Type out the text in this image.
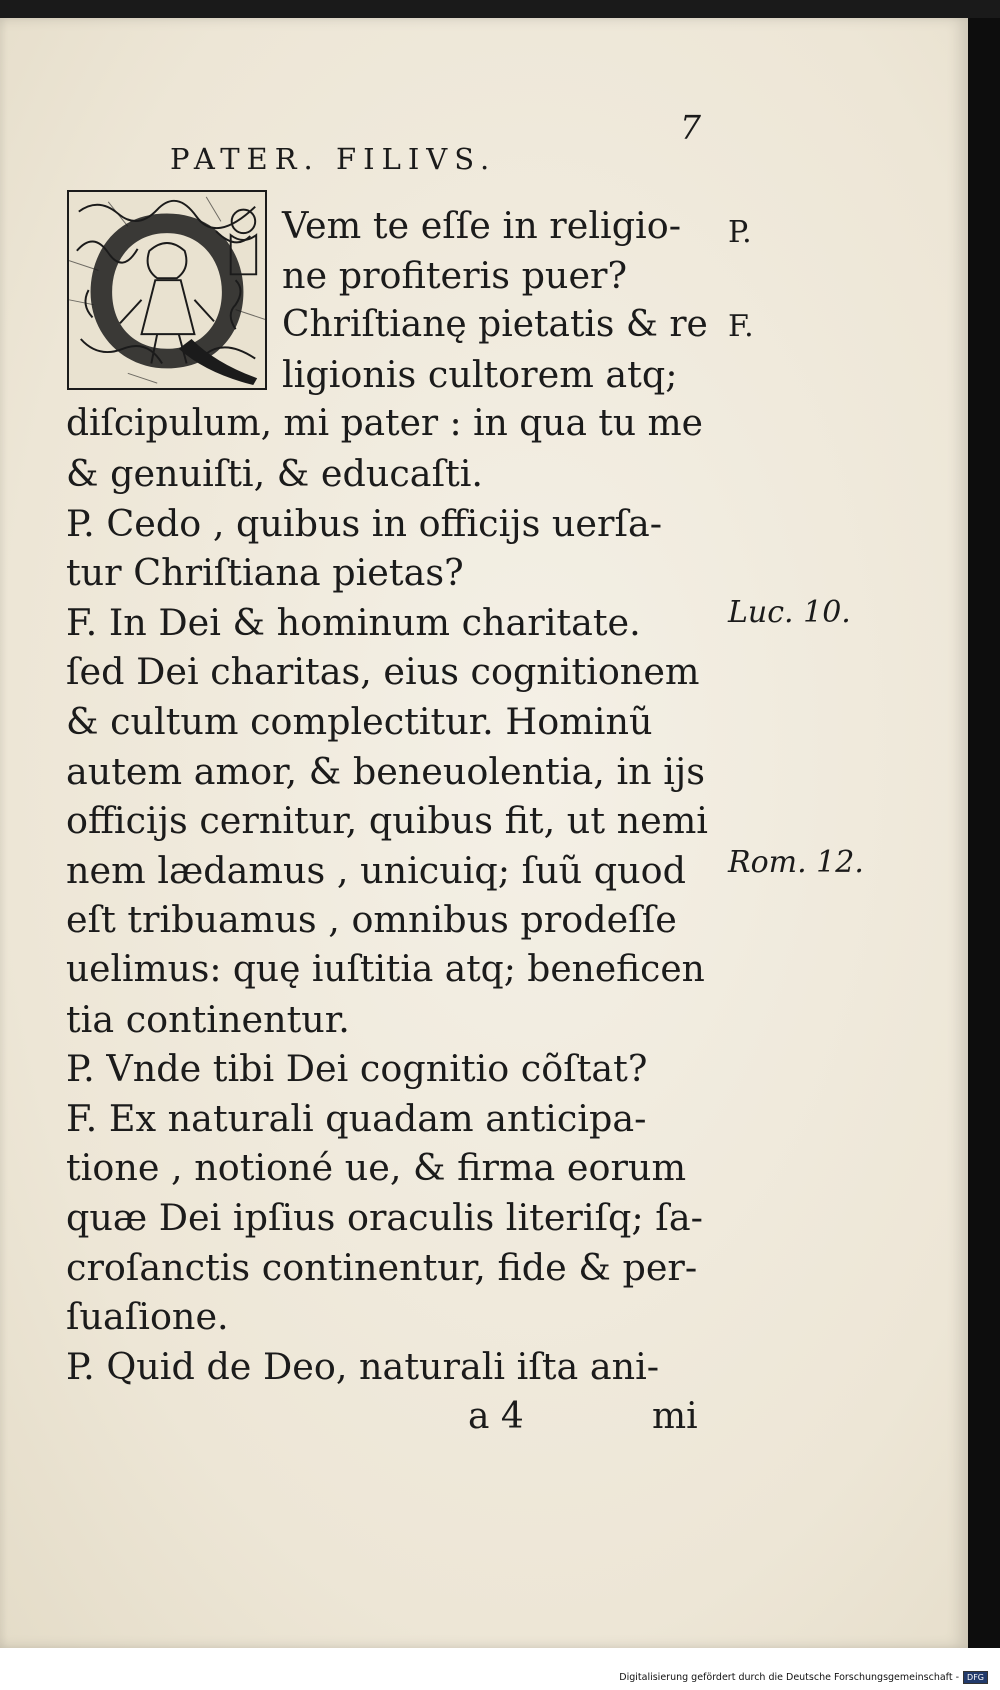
7
PATER. FILIVS.
Vem te eſſe in religio-
ne profiteris puer?
Chriſtianę pietatis & re
ligionis cultorem atq;
diſcipulum, mi pater : in qua tu me
& genuiſti, & educaſti.
P. Cedo , quibus in officijs uerſa-
tur Chriſtiana pietas?
F. In Dei & hominum charitate.
ſed Dei charitas, eius cognitionem
& cultum complectitur. Hominũ
autem amor, & beneuolentia, in ijs
officijs cernitur, quibus fit, ut nemi
nem lædamus , unicuiq; ſuũ quod
eſt tribuamus , omnibus prodeſſe
uelimus: quę iuſtitia atq; beneficen
tia continentur.
P. Vnde tibi Dei cognitio cõſtat?
F. Ex naturali quadam anticipa-
tione , notioné ue, & firma eorum
quæ Dei ipſius oraculis literiſq; ſa-
croſanctis continentur, fide & per-
ſuaſione.
P. Quid de Deo, naturali iſta ani-
P.
F.
Luc. 10.
Rom. 12.
a 4	mi
Digitalisierung gefördert durch die Deutsche Forschungsgemeinschaft - DFG
